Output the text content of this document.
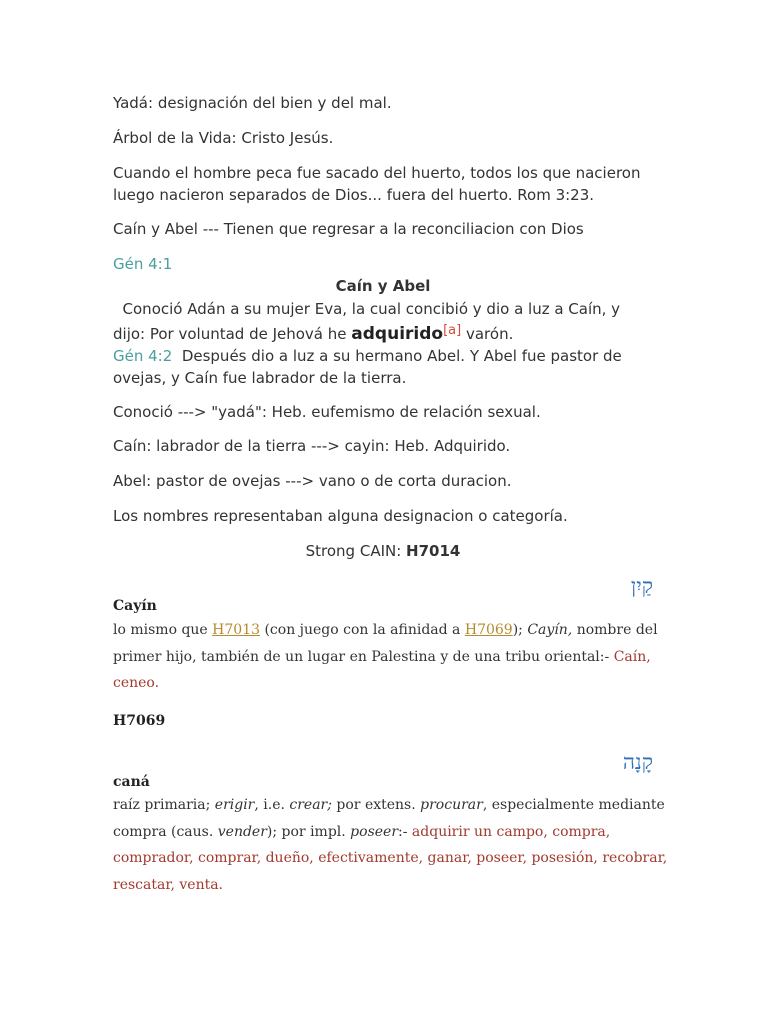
Yadá: designación del bien y del mal.

Árbol de la Vida: Cristo Jesús.

Cuando el hombre peca fue sacado del huerto, todos los que nacieron

luego nacieron separados de Dios... fuera del huerto. Rom 3:23.

Caín y Abel --- Tienen que regresar a la reconciliacion con Dios

Gén 4:1

Caín y Abel

Conoció Adán a su mujer Eva, la cual concibió y dio a luz a Caín, y

dijo: Por voluntad de Jehová he adquirido[a] varón.

Gén 4:2  Después dio a luz a su hermano Abel. Y Abel fue pastor de

ovejas, y Caín fue labrador de la tierra.

Conoció ---> "yadá": Heb. eufemismo de relación sexual.

Caín: labrador de la tierra ---> cayin: Heb. Adquirido.

Abel: pastor de ovejas ---> vano o de corta duracion.

Los nombres representaban alguna designacion o categoría.

Strong CAIN: H7014
קַיִן
Cayín
lo mismo que H7013 (con juego con la afinidad a H7069); Cayín, nombre del
primer hijo, también de un lugar en Palestina y de una tribu oriental:- Caín,
ceneo.
H7069
קָנָה
caná
raíz primaria; erigir, i.e. crear; por extens. procurar, especialmente mediante
compra (caus. vender); por impl. poseer:- adquirir un campo, compra,
comprador, comprar, dueño, efectivamente, ganar, poseer, posesión, recobrar,
rescatar, venta.
